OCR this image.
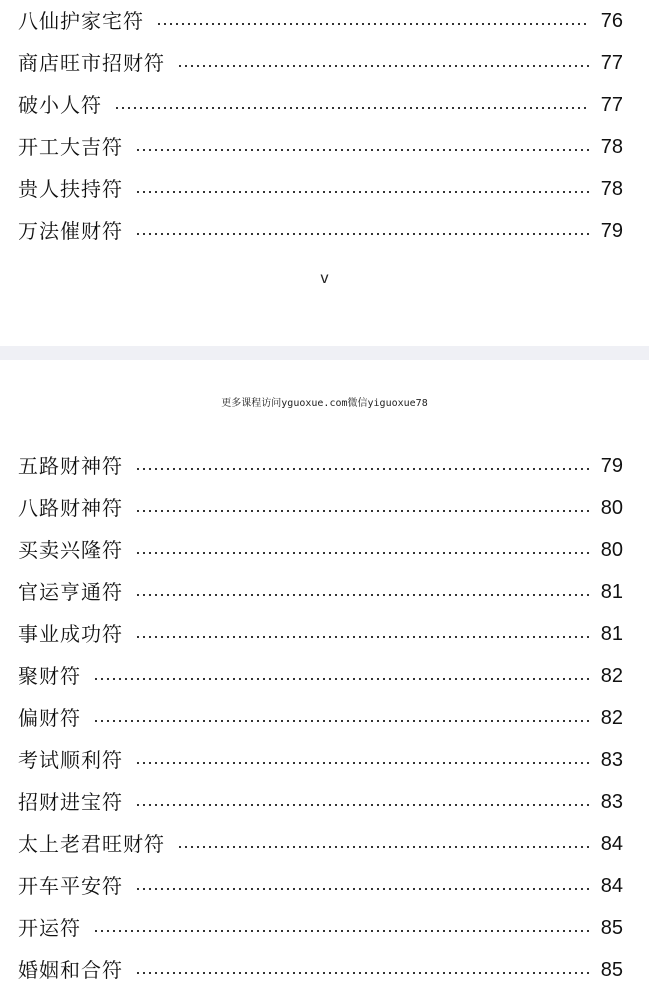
八仙护家宅符	76
商店旺市招财符	77
破小人符	77
开工大吉符	78
贵人扶持符	78
万法催财符	79
v
更多课程访问yguoxue.com微信yiguoxue78
五路财神符	79
八路财神符	80
买卖兴隆符	80
官运亨通符	81
事业成功符	81
聚财符	82
偏财符	82
考试顺利符	83
招财进宝符	83
太上老君旺财符	84
开车平安符	84
开运符	85
婚姻和合符	85
